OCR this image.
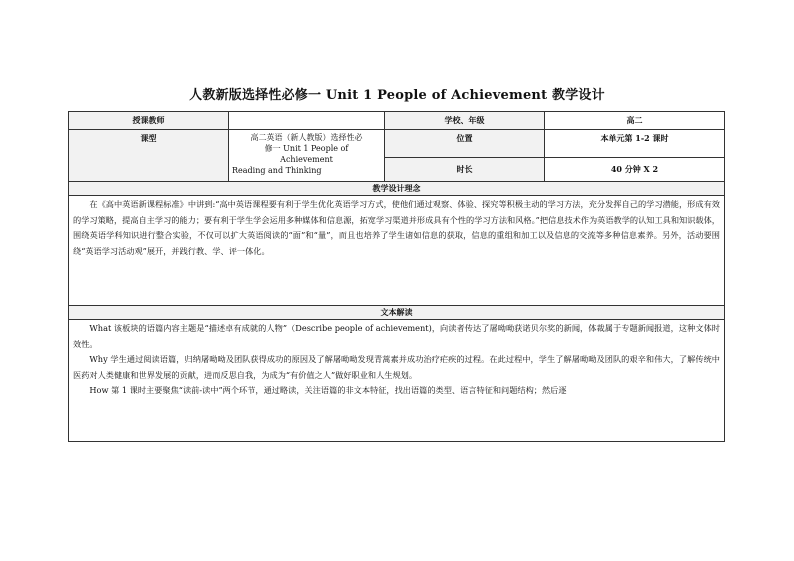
人教新版选择性必修一 Unit 1 People of Achievement 教学设计
授课教师		学校、年级	高二
课型	高二英语（新人教版）选择性必
修一 Unit 1 People of
Achievement
Reading and Thinking	位置	本单元第 1-2 课时
		时长	40 分钟 X 2
教学设计理念			

在《高中英语新课程标准》中讲到:“高中英语课程要有利于学生优化英语学习方式，使他们通过观察、体验、探究等积极主动的学习方法，充分发挥自己的学习潜能，形成有效的学习策略，提高自主学习的能力；要有利于学生学会运用多种媒体和信息源，拓宽学习渠道并形成具有个性的学习方法和风格。”把信息技术作为英语教学的认知工具和知识载体，围绕英语学科知识进行整合实验，不仅可以扩大英语阅读的“面”和“量”，而且也培养了学生诸如信息的获取，信息的重组和加工以及信息的交流等多种信息素养。另外，活动要围绕“英语学习活动观”展开，并践行教、学、评一体化。			

文本解读			

What 该板块的语篇内容主题是“描述卓有成就的人物”（Describe people of achievement)，向读者传达了屠呦呦获诺贝尔奖的新闻，体裁属于专题新闻报道，这种文体时效性。

Why 学生通过阅读语篇，归纳屠呦呦及团队获得成功的原因及了解屠呦呦发现青蒿素并成功治疗疟疾的过程。在此过程中，学生了解屠呦呦及团队的艰辛和伟大，了解传统中医药对人类健康和世界发展的贡献，进而反思自我，为成为“有价值之人”做好职业和人生规划。

How 第 1 课时主要聚焦“读前-读中”两个环节，通过略读，关注语篇的非文本特征，找出语篇的类型、语言特征和问题结构；然后逐			
